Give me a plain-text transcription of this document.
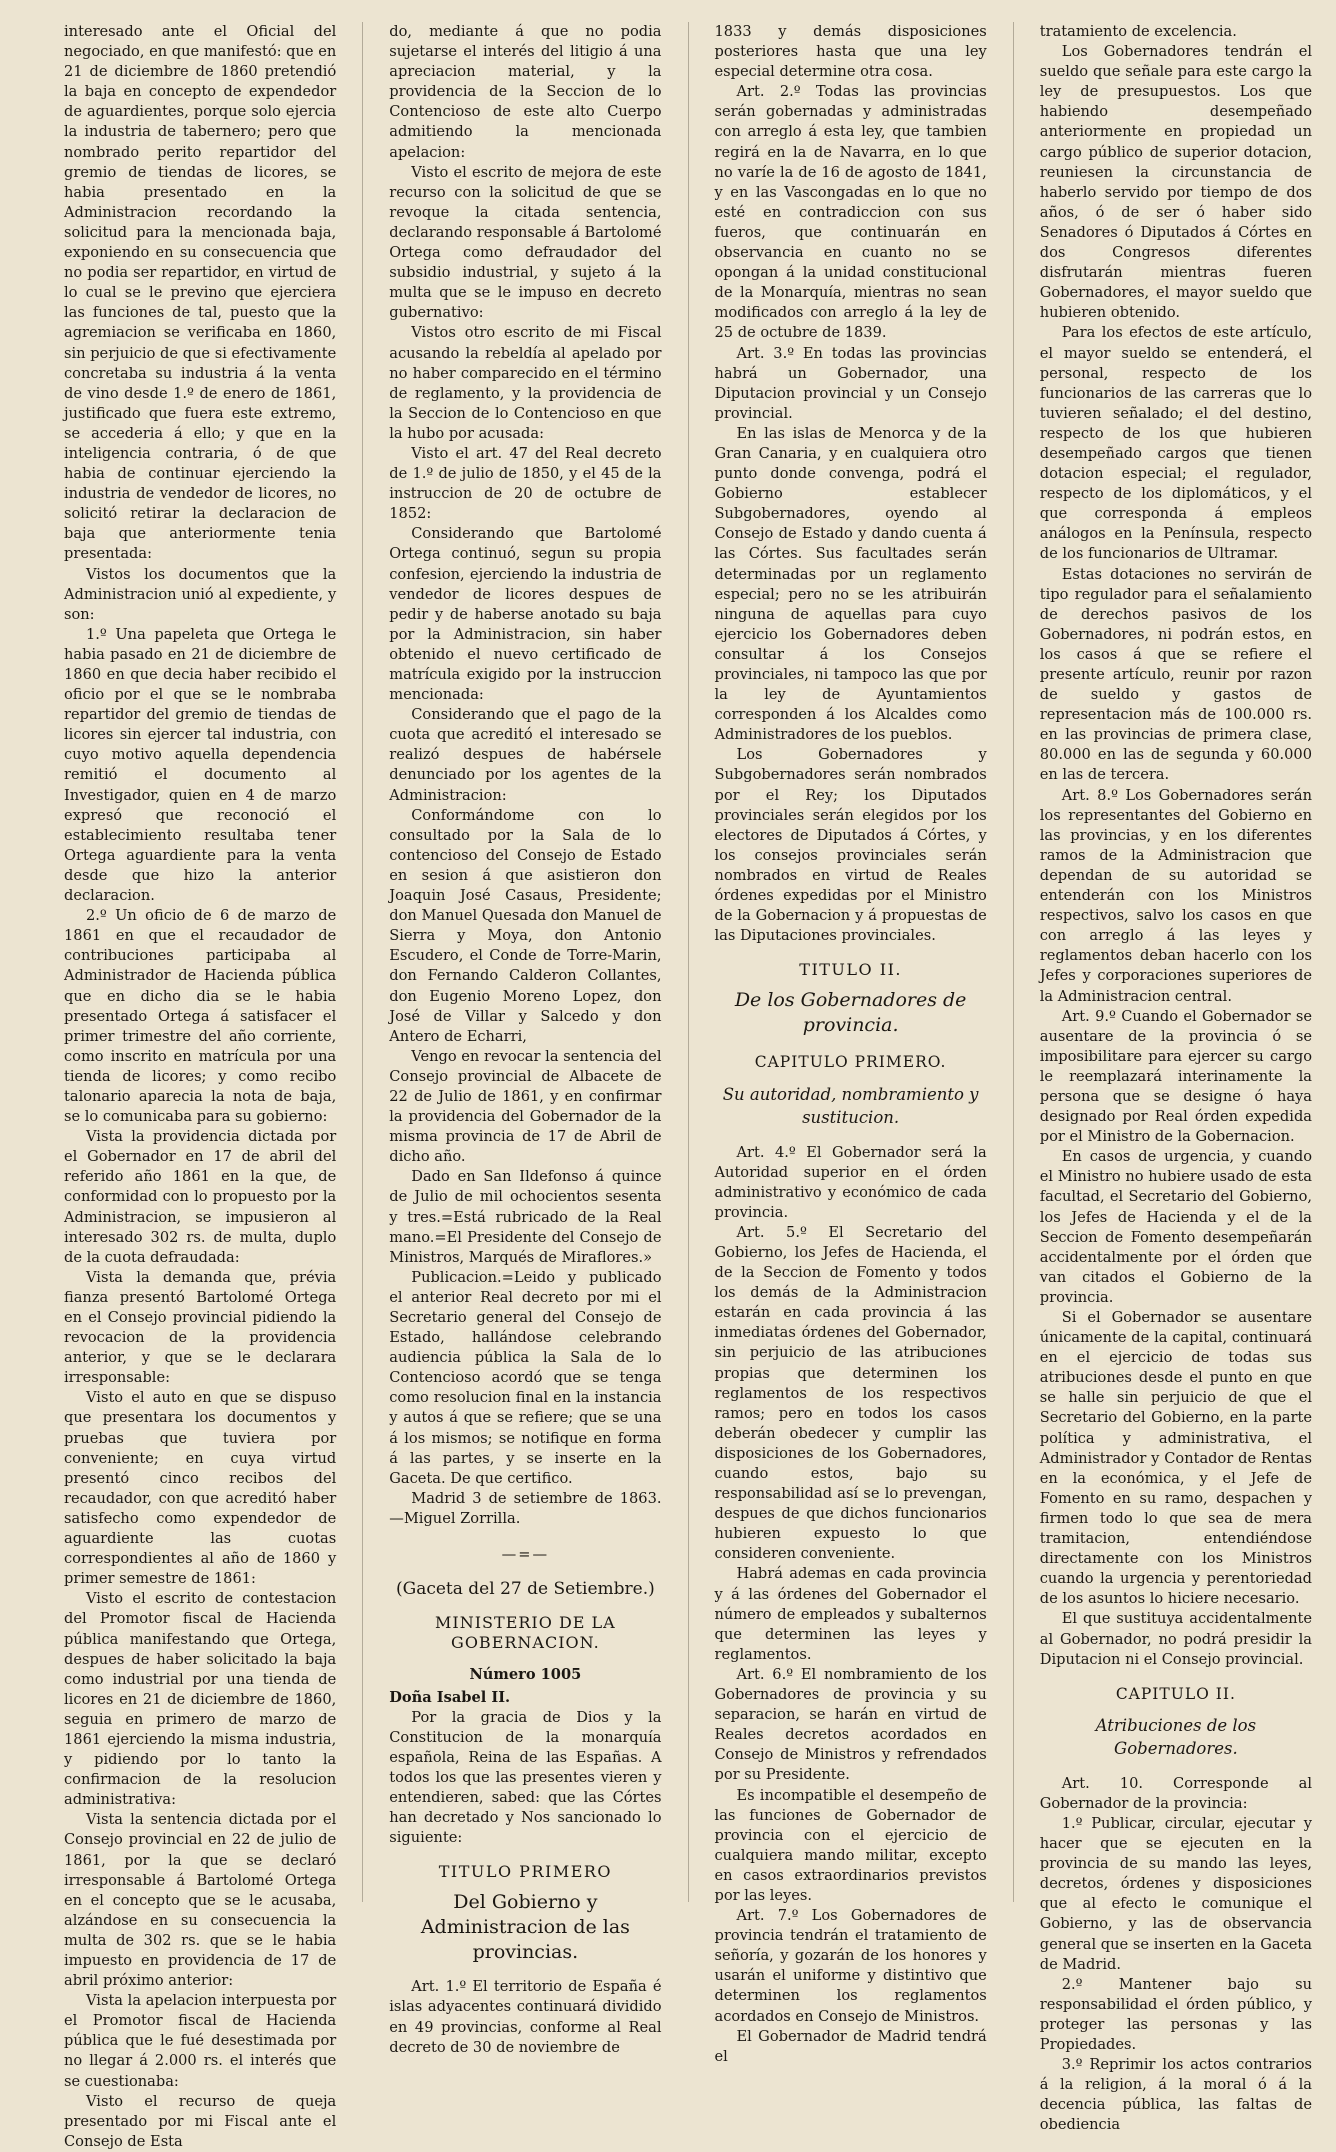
interesado ante el Oficial del negociado, en que manifestó: que en 21 de diciembre de 1860 pretendió la baja en concepto de expendedor de aguardientes, porque solo ejercia la industria de tabernero; pero que nombrado perito repartidor del gremio de tiendas de licores, se habia presentado en la Administracion recordando la solicitud para la mencionada baja, exponiendo en su consecuencia que no podia ser repartidor, en virtud de lo cual se le previno que ejerciera las funciones de tal, puesto que la agremiacion se verificaba en 1860, sin perjuicio de que si efectivamente concretaba su industria á la venta de vino desde 1.º de enero de 1861, justificado que fuera este extremo, se accederia á ello; y que en la inteligencia contraria, ó de que habia de continuar ejerciendo la industria de vendedor de licores, no solicitó retirar la declaracion de baja que anteriormente tenia presentada:

Vistos los documentos que la Administracion unió al expediente, y son:

1.º Una papeleta que Ortega le habia pasado en 21 de diciembre de 1860 en que decia haber recibido el oficio por el que se le nombraba repartidor del gremio de tiendas de licores sin ejercer tal industria, con cuyo motivo aquella dependencia remitió el documento al Investigador, quien en 4 de marzo expresó que reconoció el establecimiento resultaba tener Ortega aguardiente para la venta desde que hizo la anterior declaracion.

2.º Un oficio de 6 de marzo de 1861 en que el recaudador de contribuciones participaba al Administrador de Hacienda pública que en dicho dia se le habia presentado Ortega á satisfacer el primer trimestre del año corriente, como inscrito en matrícula por una tienda de licores; y como recibo talonario aparecia la nota de baja, se lo comunicaba para su gobierno:

Vista la providencia dictada por el Gobernador en 17 de abril del referido año 1861 en la que, de conformidad con lo propuesto por la Administracion, se impusieron al interesado 302 rs. de multa, duplo de la cuota defraudada:

Vista la demanda que, prévia fianza presentó Bartolomé Ortega en el Consejo provincial pidiendo la revocacion de la providencia anterior, y que se le declarara irresponsable:

Visto el auto en que se dispuso que presentara los documentos y pruebas que tuviera por conveniente; en cuya virtud presentó cinco recibos del recaudador, con que acreditó haber satisfecho como expendedor de aguardiente las cuotas correspondientes al año de 1860 y primer semestre de 1861:

Visto el escrito de contestacion del Promotor fiscal de Hacienda pública manifestando que Ortega, despues de haber solicitado la baja como industrial por una tienda de licores en 21 de diciembre de 1860, seguia en primero de marzo de 1861 ejerciendo la misma industria, y pidiendo por lo tanto la confirmacion de la resolucion administrativa:

Vista la sentencia dictada por el Consejo provincial en 22 de julio de 1861, por la que se declaró irresponsable á Bartolomé Ortega en el concepto que se le acusaba, alzándose en su consecuencia la multa de 302 rs. que se le habia impuesto en providencia de 17 de abril próximo anterior:

Vista la apelacion interpuesta por el Promotor fiscal de Hacienda pública que le fué desestimada por no llegar á 2.000 rs. el interés que se cuestionaba:

Visto el recurso de queja presentado por mi Fiscal ante el Consejo de Esta

do, mediante á que no podia sujetarse el interés del litigio á una apreciacion material, y la providencia de la Seccion de lo Contencioso de este alto Cuerpo admitiendo la mencionada apelacion:

Visto el escrito de mejora de este recurso con la solicitud de que se revoque la citada sentencia, declarando responsable á Bartolomé Ortega como defraudador del subsidio industrial, y sujeto á la multa que se le impuso en decreto gubernativo:

Vistos otro escrito de mi Fiscal acusando la rebeldía al apelado por no haber comparecido en el término de reglamento, y la providencia de la Seccion de lo Contencioso en que la hubo por acusada:

Visto el art. 47 del Real decreto de 1.º de julio de 1850, y el 45 de la instruccion de 20 de octubre de 1852:

Considerando que Bartolomé Ortega continuó, segun su propia confesion, ejerciendo la industria de vendedor de licores despues de pedir y de haberse anotado su baja por la Administracion, sin haber obtenido el nuevo certificado de matrícula exigido por la instruccion mencionada:

Considerando que el pago de la cuota que acreditó el interesado se realizó despues de habérsele denunciado por los agentes de la Administracion:

Conformándome con lo consultado por la Sala de lo contencioso del Consejo de Estado en sesion á que asistieron don Joaquin José Casaus, Presidente; don Manuel Quesada don Manuel de Sierra y Moya, don Antonio Escudero, el Conde de Torre-Marin, don Fernando Calderon Collantes, don Eugenio Moreno Lopez, don José de Villar y Salcedo y don Antero de Echarri,

Vengo en revocar la sentencia del Consejo provincial de Albacete de 22 de Julio de 1861, y en confirmar la providencia del Gobernador de la misma provincia de 17 de Abril de dicho año.

Dado en San Ildefonso á quince de Julio de mil ochocientos sesenta y tres.=Está rubricado de la Real mano.=El Presidente del Consejo de Ministros, Marqués de Miraflores.»

Publicacion.=Leido y publicado el anterior Real decreto por mi el Secretario general del Consejo de Estado, hallándose celebrando audiencia pública la Sala de lo Contencioso acordó que se tenga como resolucion final en la instancia y autos á que se refiere; que se una á los mismos; se notifique en forma á las partes, y se inserte en la Gaceta. De que certifico.

Madrid 3 de setiembre de 1863.—Miguel Zorrilla.

—=—
(Gaceta del 27 de Setiembre.)
MINISTERIO DE LA GOBERNACION.
Número 1005

Doña Isabel II.

Por la gracia de Dios y la Constitucion de la monarquía española, Reina de las Españas. A todos los que las presentes vieren y entendieren, sabed: que las Córtes han decretado y Nos sancionado lo siguiente:

TITULO PRIMERO
Del Gobierno y Administracion de las provincias.

Art. 1.º El territorio de España é islas adyacentes continuará dividido en 49 provincias, conforme al Real decreto de 30 de noviembre de

1833 y demás disposiciones posteriores hasta que una ley especial determine otra cosa.

Art. 2.º Todas las provincias serán gobernadas y administradas con arreglo á esta ley, que tambien regirá en la de Navarra, en lo que no varíe la de 16 de agosto de 1841, y en las Vascongadas en lo que no esté en contradiccion con sus fueros, que continuarán en observancia en cuanto no se opongan á la unidad constitucional de la Monarquía, mientras no sean modificados con arreglo á la ley de 25 de octubre de 1839.

Art. 3.º En todas las provincias habrá un Gobernador, una Diputacion provincial y un Consejo provincial.

En las islas de Menorca y de la Gran Canaria, y en cualquiera otro punto donde convenga, podrá el Gobierno establecer Subgobernadores, oyendo al Consejo de Estado y dando cuenta á las Córtes. Sus facultades serán determinadas por un reglamento especial; pero no se les atribuirán ninguna de aquellas para cuyo ejercicio los Gobernadores deben consultar á los Consejos provinciales, ni tampoco las que por la ley de Ayuntamientos corresponden á los Alcaldes como Administradores de los pueblos.

Los Gobernadores y Subgobernadores serán nombrados por el Rey; los Diputados provinciales serán elegidos por los electores de Diputados á Córtes, y los consejos provinciales serán nombrados en virtud de Reales órdenes expedidas por el Ministro de la Gobernacion y á propuestas de las Diputaciones provinciales.

TITULO II.
De los Gobernadores de provincia.
CAPITULO PRIMERO.
Su autoridad, nombramiento y sustitucion.

Art. 4.º El Gobernador será la Autoridad superior en el órden administrativo y económico de cada provincia.

Art. 5.º El Secretario del Gobierno, los Jefes de Hacienda, el de la Seccion de Fomento y todos los demás de la Administracion estarán en cada provincia á las inmediatas órdenes del Gobernador, sin perjuicio de las atribuciones propias que determinen los reglamentos de los respectivos ramos; pero en todos los casos deberán obedecer y cumplir las disposiciones de los Gobernadores, cuando estos, bajo su responsabilidad así se lo prevengan, despues de que dichos funcionarios hubieren expuesto lo que consideren conveniente.

Habrá ademas en cada provincia y á las órdenes del Gobernador el número de empleados y subalternos que determinen las leyes y reglamentos.

Art. 6.º El nombramiento de los Gobernadores de provincia y su separacion, se harán en virtud de Reales decretos acordados en Consejo de Ministros y refrendados por su Presidente.

Es incompatible el desempeño de las funciones de Gobernador de provincia con el ejercicio de cualquiera mando militar, excepto en casos extraordinarios previstos por las leyes.

Art. 7.º Los Gobernadores de provincia tendrán el tratamiento de señoría, y gozarán de los honores y usarán el uniforme y distintivo que determinen los reglamentos acordados en Consejo de Ministros.

El Gobernador de Madrid tendrá el

tratamiento de excelencia.

Los Gobernadores tendrán el sueldo que señale para este cargo la ley de presupuestos. Los que habiendo desempeñado anteriormente en propiedad un cargo público de superior dotacion, reuniesen la circunstancia de haberlo servido por tiempo de dos años, ó de ser ó haber sido Senadores ó Diputados á Córtes en dos Congresos diferentes disfrutarán mientras fueren Gobernadores, el mayor sueldo que hubieren obtenido.

Para los efectos de este artículo, el mayor sueldo se entenderá, el personal, respecto de los funcionarios de las carreras que lo tuvieren señalado; el del destino, respecto de los que hubieren desempeñado cargos que tienen dotacion especial; el regulador, respecto de los diplomáticos, y el que corresponda á empleos análogos en la Península, respecto de los funcionarios de Ultramar.

Estas dotaciones no servirán de tipo regulador para el señalamiento de derechos pasivos de los Gobernadores, ni podrán estos, en los casos á que se refiere el presente artículo, reunir por razon de sueldo y gastos de representacion más de 100.000 rs. en las provincias de primera clase, 80.000 en las de segunda y 60.000 en las de tercera.

Art. 8.º Los Gobernadores serán los representantes del Gobierno en las provincias, y en los diferentes ramos de la Administracion que dependan de su autoridad se entenderán con los Ministros respectivos, salvo los casos en que con arreglo á las leyes y reglamentos deban hacerlo con los Jefes y corporaciones superiores de la Administracion central.

Art. 9.º Cuando el Gobernador se ausentare de la provincia ó se imposibilitare para ejercer su cargo le reemplazará interinamente la persona que se designe ó haya designado por Real órden expedida por el Ministro de la Gobernacion.

En casos de urgencia, y cuando el Ministro no hubiere usado de esta facultad, el Secretario del Gobierno, los Jefes de Hacienda y el de la Seccion de Fomento desempeñarán accidentalmente por el órden que van citados el Gobierno de la provincia.

Si el Gobernador se ausentare únicamente de la capital, continuará en el ejercicio de todas sus atribuciones desde el punto en que se halle sin perjuicio de que el Secretario del Gobierno, en la parte política y administrativa, el Administrador y Contador de Rentas en la económica, y el Jefe de Fomento en su ramo, despachen y firmen todo lo que sea de mera tramitacion, entendiéndose directamente con los Ministros cuando la urgencia y perentoriedad de los asuntos lo hiciere necesario.

El que sustituya accidentalmente al Gobernador, no podrá presidir la Diputacion ni el Consejo provincial.

CAPITULO II.
Atribuciones de los Gobernadores.

Art. 10. Corresponde al Gobernador de la provincia:

1.º Publicar, circular, ejecutar y hacer que se ejecuten en la provincia de su mando las leyes, decretos, órdenes y disposiciones que al efecto le comunique el Gobierno, y las de observancia general que se inserten en la Gaceta de Madrid.

2.º Mantener bajo su responsabilidad el órden público, y proteger las personas y las Propiedades.

3.º Reprimir los actos contrarios á la religion, á la moral ó á la decencia pública, las faltas de obediencia
